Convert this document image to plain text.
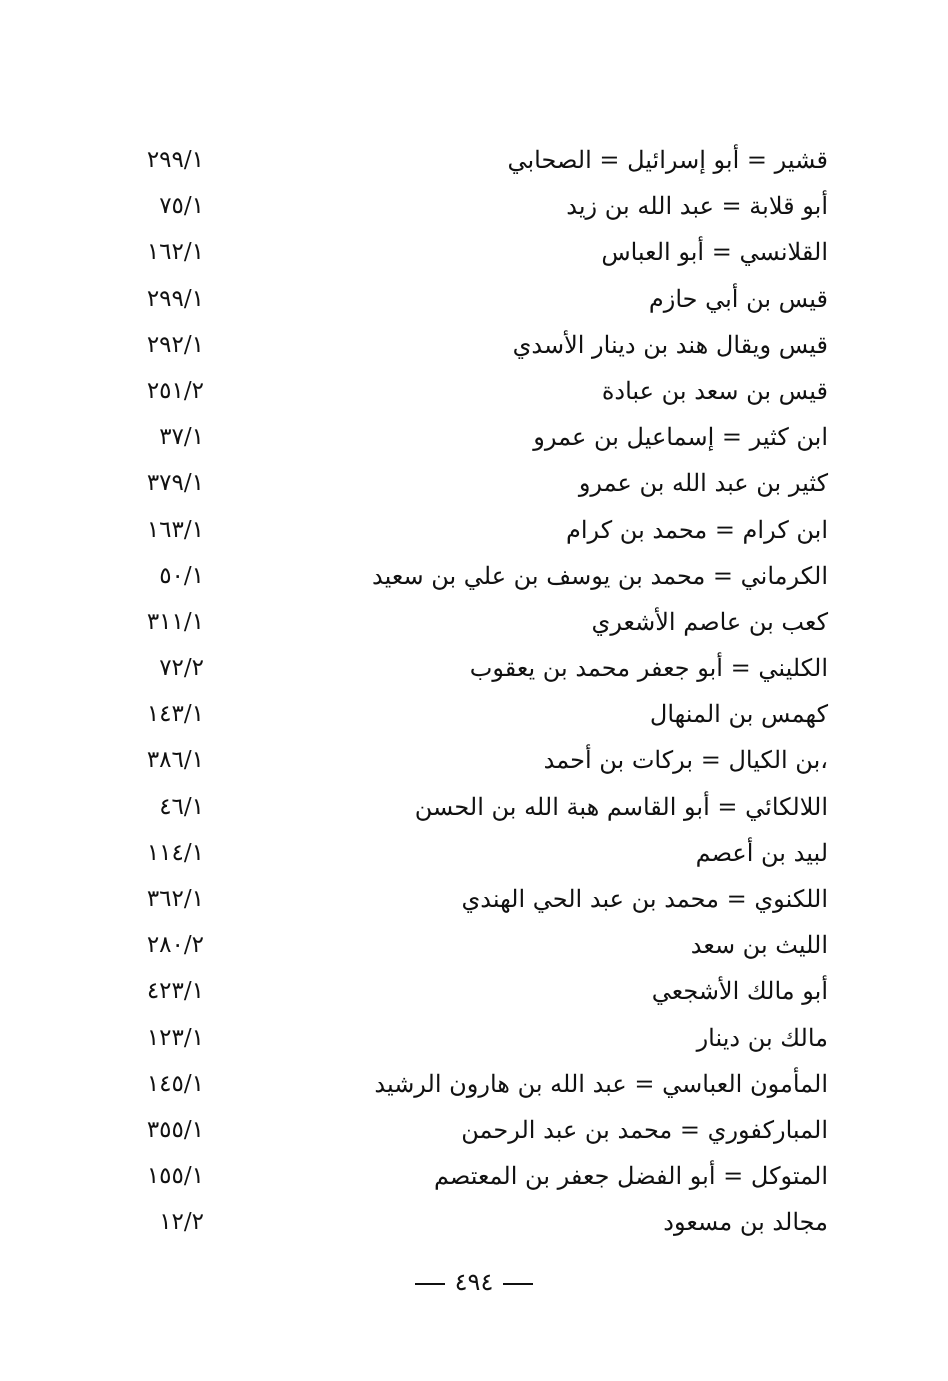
قشير = أبو إسرائيل = الصحابي
٢٩٩/١
أبو قلابة = عبد الله بن زيد
٧٥/١
القلانسي = أبو العباس
١٦٢/١
قيس بن أبي حازم
٢٩٩/١
قيس ويقال هند بن دينار الأسدي
٢٩٢/١
قيس بن سعد بن عبادة
٢٥١/٢
ابن كثير = إسماعيل بن عمرو
٣٧/١
كثير بن عبد الله بن عمرو
٣٧٩/١
ابن كرام = محمد بن كرام
١٦٣/١
الكرماني = محمد بن يوسف بن علي بن سعيد
٥٠/١
كعب بن عاصم الأشعري
٣١١/١
الكليني = أبو جعفر محمد بن يعقوب
٧٢/٢
كهمس بن المنهال
١٤٣/١
،بن الكيال = بركات بن أحمد
٣٨٦/١
اللالكائي = أبو القاسم هبة الله بن الحسن
٤٦/١
لبيد بن أعصم
١١٤/١
اللكنوي = محمد بن عبد الحي الهندي
٣٦٢/١
الليث بن سعد
٢٨٠/٢
أبو مالك الأشجعي
٤٢٣/١
مالك بن دينار
١٢٣/١
المأمون العباسي = عبد الله بن هارون الرشيد
١٤٥/١
المباركفوري = محمد بن عبد الرحمن
٣٥٥/١
المتوكل = أبو الفضل جعفر بن المعتصم
١٥٥/١
مجالد بن مسعود
١٢/٢
٤٩٤
